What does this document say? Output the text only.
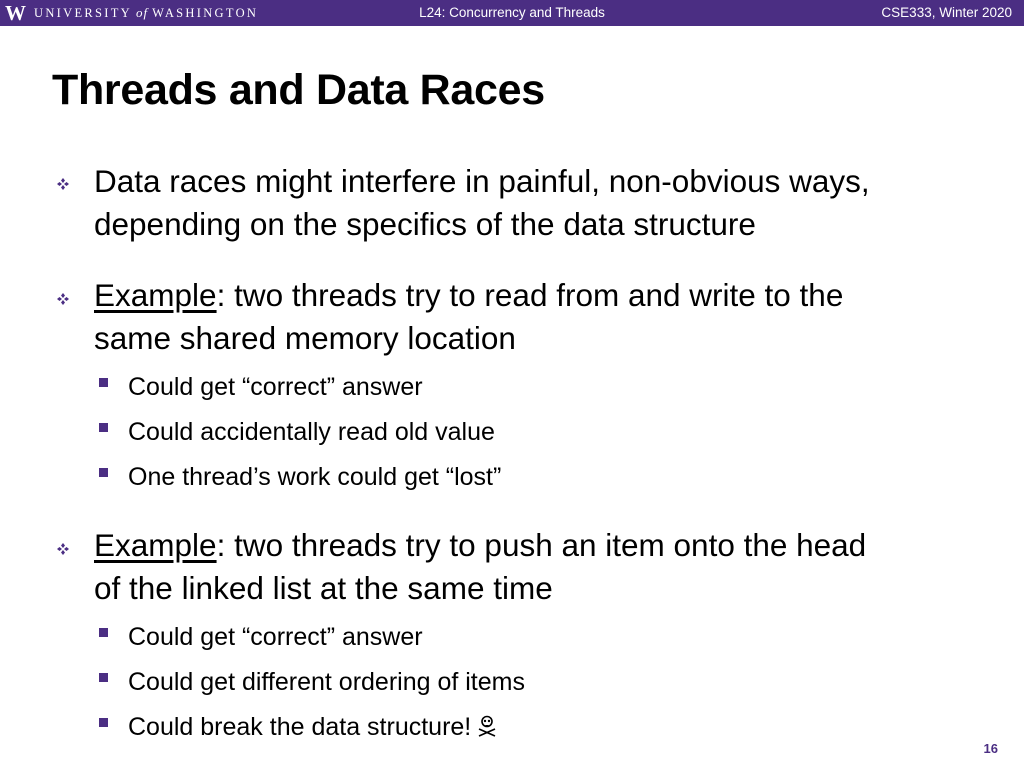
W UNIVERSITY of WASHINGTON	L24: Concurrency and Threads	CSE333, Winter 2020
Threads and Data Races
Data races might interfere in painful, non-obvious ways,
depending on the specifics of the data structure
Example: two threads try to read from and write to the
same shared memory location
Could get “correct” answer
Could accidentally read old value
One thread’s work could get “lost”
Example: two threads try to push an item onto the head
of the linked list at the same time
Could get “correct” answer
Could get different ordering of items
Could break the data structure!
16
